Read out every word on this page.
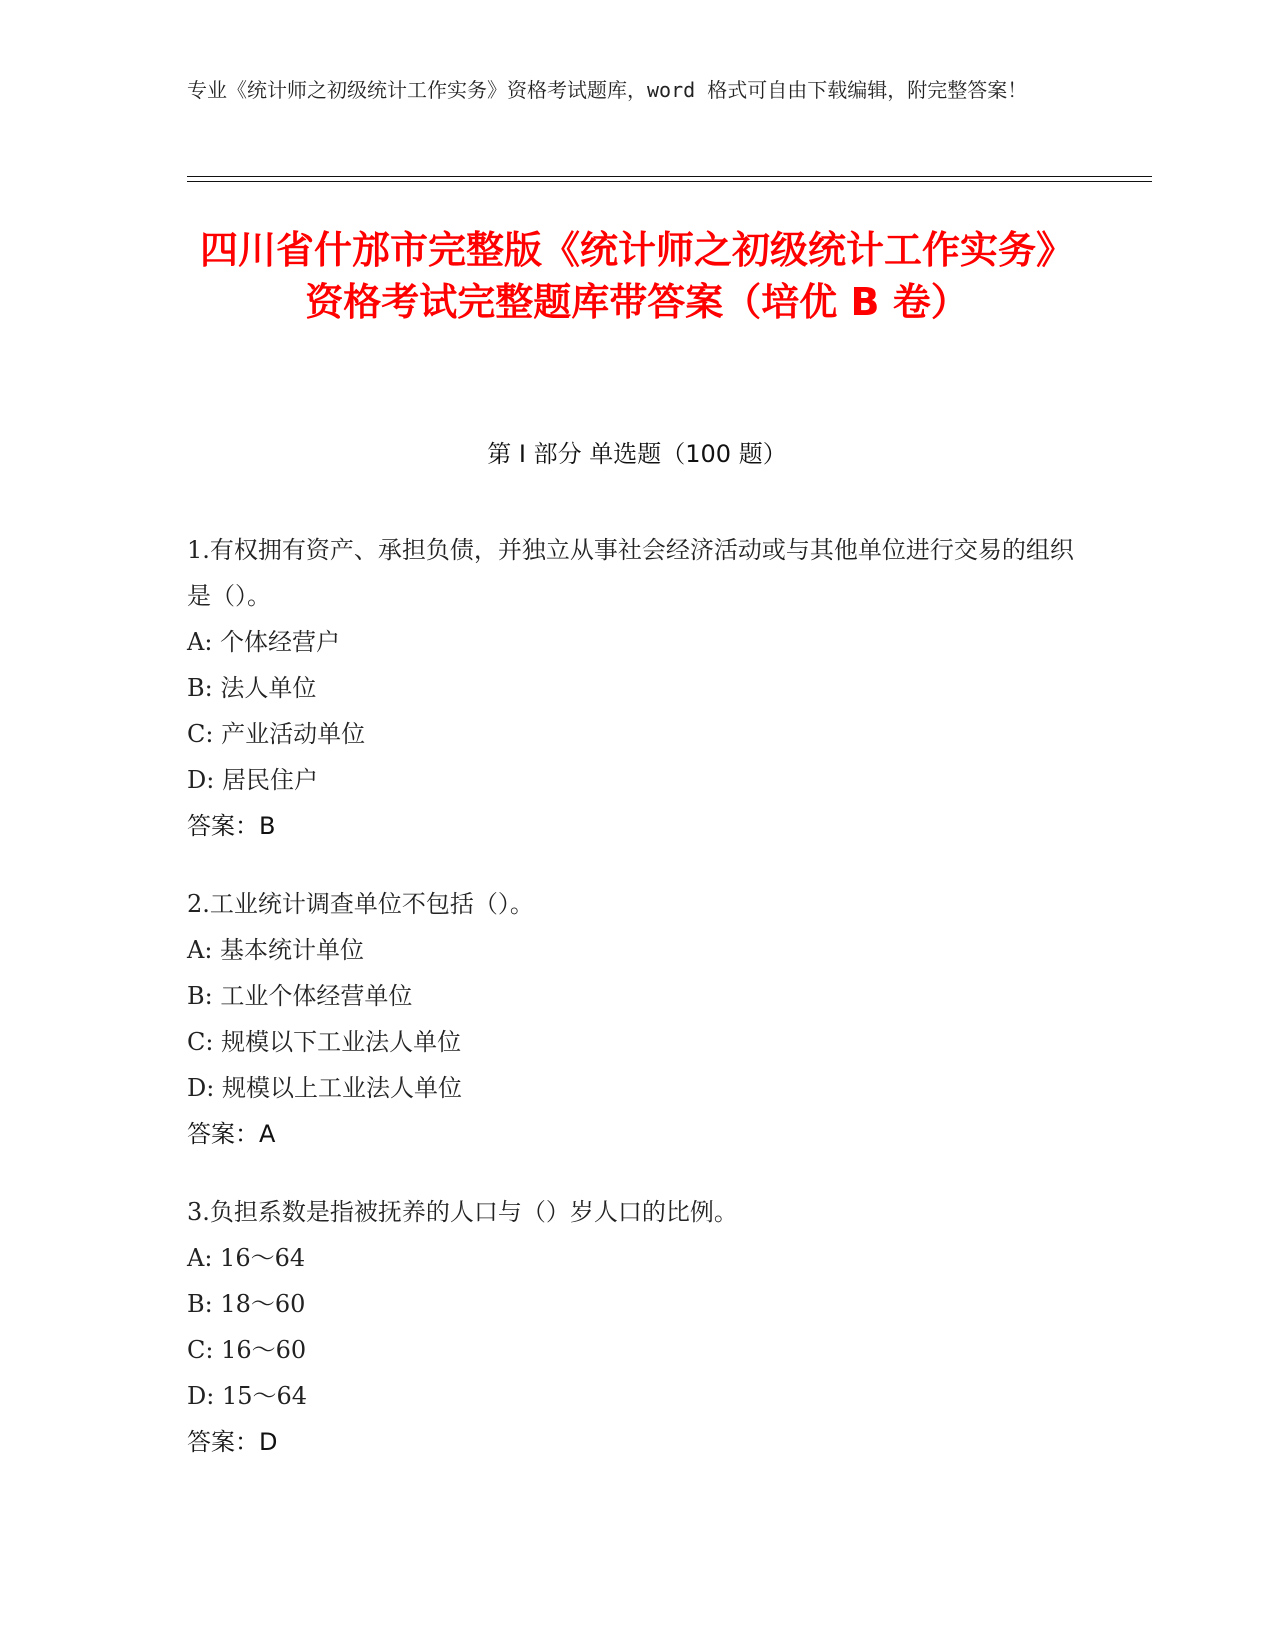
专业《统计师之初级统计工作实务》资格考试题库，word 格式可自由下载编辑，附完整答案！
四川省什邡市完整版《统计师之初级统计工作实务》资格考试完整题库带答案（培优 B 卷）
第 I 部分 单选题（100 题）
1.有权拥有资产、承担负债，并独立从事社会经济活动或与其他单位进行交易的组织是（）。
A: 个体经营户
B: 法人单位
C: 产业活动单位
D: 居民住户
答案：B
2.工业统计调查单位不包括（）。
A: 基本统计单位
B: 工业个体经营单位
C: 规模以下工业法人单位
D: 规模以上工业法人单位
答案：A
3.负担系数是指被抚养的人口与（）岁人口的比例。
A: 16～64
B: 18～60
C: 16～60
D: 15～64
答案：D
